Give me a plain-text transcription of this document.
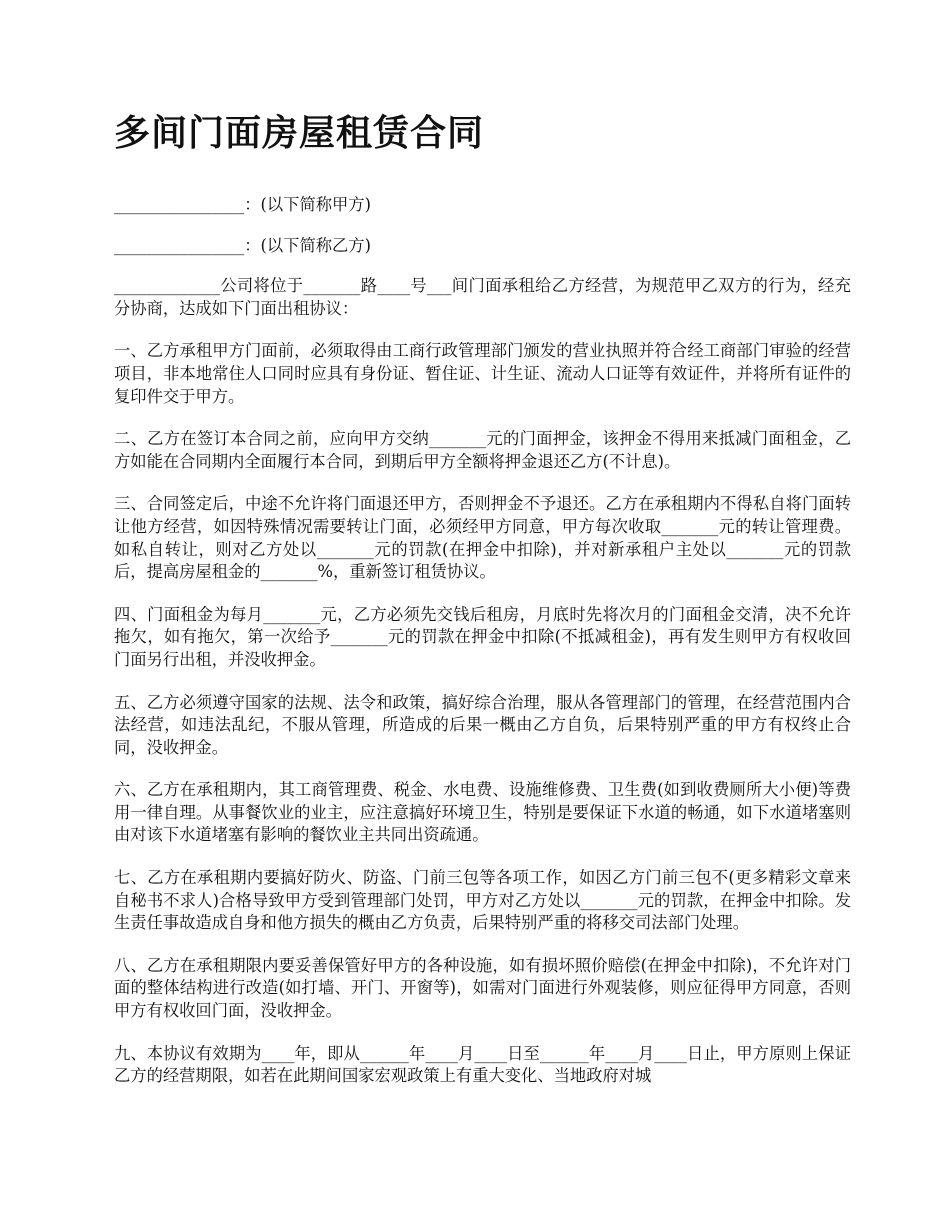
多间门面房屋租赁合同

________________：(以下简称甲方)

________________：(以下简称乙方)

_____________公司将位于_______路____号___间门面承租给乙方经营，为规范甲乙双方的行为，经充分协商，达成如下门面出租协议：

一、乙方承租甲方门面前，必须取得由工商行政管理部门颁发的营业执照并符合经工商部门审验的经营项目，非本地常住人口同时应具有身份证、暂住证、计生证、流动人口证等有效证件，并将所有证件的复印件交于甲方。

二、乙方在签订本合同之前，应向甲方交纳_______元的门面押金，该押金不得用来抵减门面租金，乙方如能在合同期内全面履行本合同，到期后甲方全额将押金退还乙方(不计息)。

三、合同签定后，中途不允许将门面退还甲方，否则押金不予退还。乙方在承租期内不得私自将门面转让他方经营，如因特殊情况需要转让门面，必须经甲方同意，甲方每次收取_______元的转让管理费。如私自转让，则对乙方处以_______元的罚款(在押金中扣除)，并对新承租户主处以_______元的罚款后，提高房屋租金的_______%，重新签订租赁协议。

四、门面租金为每月_______元，乙方必须先交钱后租房，月底时先将次月的门面租金交清，决不允许拖欠，如有拖欠，第一次给予_______元的罚款在押金中扣除(不抵减租金)，再有发生则甲方有权收回门面另行出租，并没收押金。

五、乙方必须遵守国家的法规、法令和政策，搞好综合治理，服从各管理部门的管理，在经营范围内合法经营，如违法乱纪，不服从管理，所造成的后果一概由乙方自负，后果特别严重的甲方有权终止合同，没收押金。

六、乙方在承租期内，其工商管理费、税金、水电费、设施维修费、卫生费(如到收费厕所大小便)等费用一律自理。从事餐饮业的业主，应注意搞好环境卫生，特别是要保证下水道的畅通，如下水道堵塞则由对该下水道堵塞有影响的餐饮业主共同出资疏通。

七、乙方在承租期内要搞好防火、防盗、门前三包等各项工作，如因乙方门前三包不(更多精彩文章来自秘书不求人)合格导致甲方受到管理部门处罚，甲方对乙方处以_______元的罚款，在押金中扣除。发生责任事故造成自身和他方损失的概由乙方负责，后果特别严重的将移交司法部门处理。

八、乙方在承租期限内要妥善保管好甲方的各种设施，如有损坏照价赔偿(在押金中扣除)，不允许对门面的整体结构进行改造(如打墙、开门、开窗等)，如需对门面进行外观装修，则应征得甲方同意，否则甲方有权收回门面，没收押金。

九、本协议有效期为____年，即从______年____月____日至______年____月____日止，甲方原则上保证乙方的经营期限，如若在此期间国家宏观政策上有重大变化、当地政府对城
